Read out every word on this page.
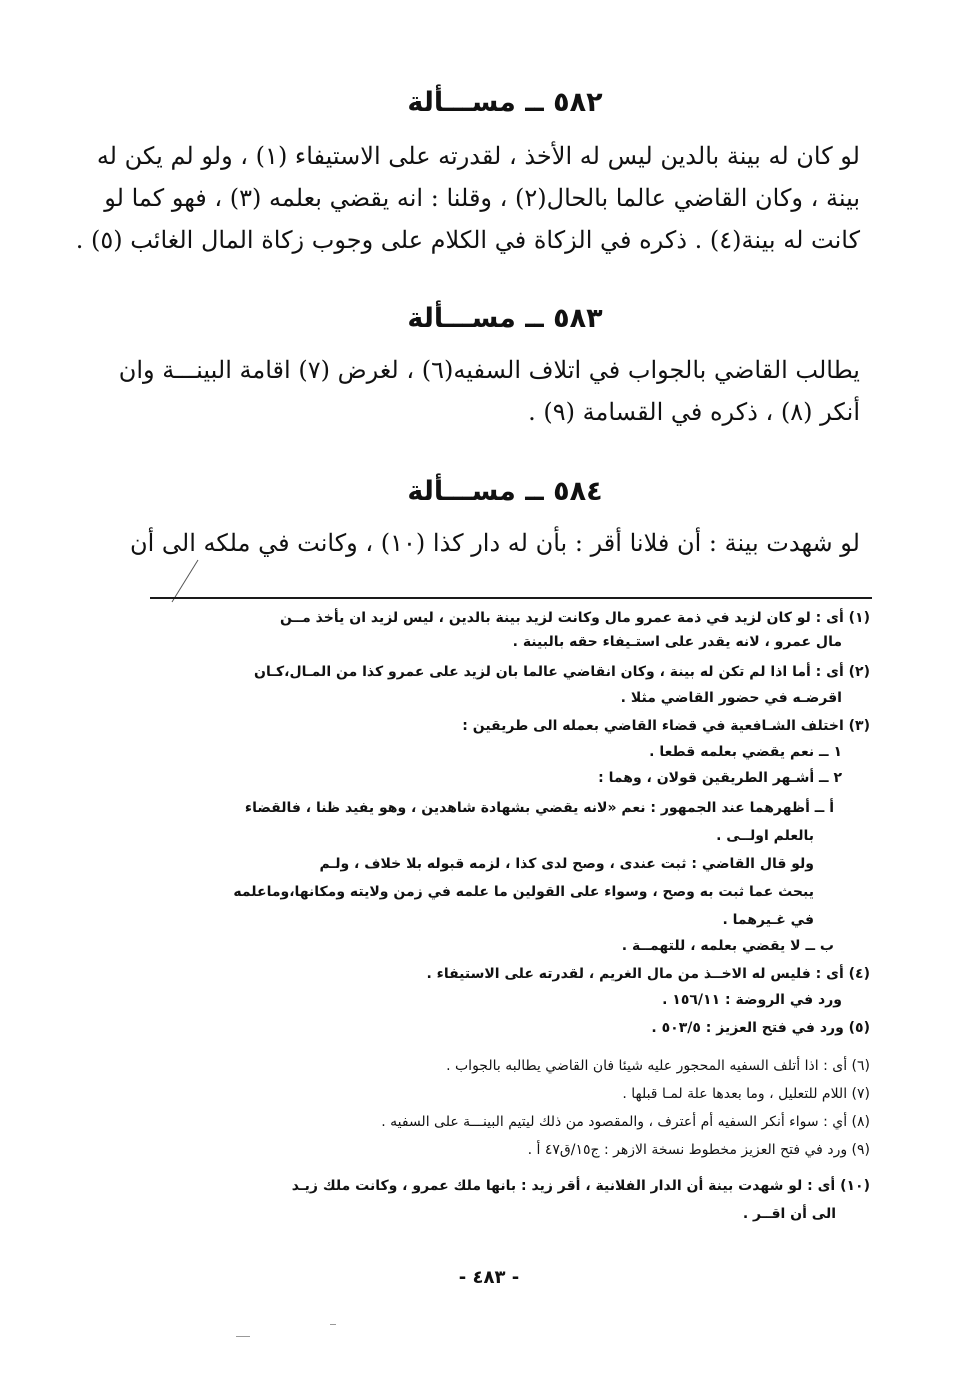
٥٨٢ ــ مســـألة
لو كان له بينة بالدين ليس له الأخذ ، لقدرته على الاستيفاء (١) ، ولو لم يكن له
بينة ، وكان القاضي عالما بالحال(٢) ، وقلنا : انه يقضي بعلمه (٣) ، فهو كما لو
كانت له بينة(٤) . ذكره في الزكاة في الكلام على وجوب زكاة المال الغائب (٥) .
٥٨٣ ــ مســـألة
يطالب القاضي بالجواب في اتلاف السفيه(٦) ، لغرض (٧) اقامة البينـــة وان
أنكر (٨) ، ذكره في القسامة (٩) .
٥٨٤ ــ مســـألة
لو شهدت بينة : أن فلانا أقر : بأن له دار كذا (١٠) ، وكانت في ملكه الى أن
(١) أى : لو كان لزيد في ذمة عمرو مال وكانت لزيد بينة بالدين ، ليس لزيد ان يأخذ مــن
مال عمرو ، لانه يقدر على استـيفاء حقه بالبينة .
(٢) أى : أما اذا لم تكن له بينة ، وكان انقاضي عالما بان لزيد على عمرو كذا من المـال،كـان
اقرضـه في حضور القاضي مثلا .
(٣) اختلف الشـافعية في قضاء القاضي بعمله الى طريقين :
١ ــ نعم يقضي بعلمه قطعا .
٢ ــ أشـهر الطريقين قولان ، وهما :
أ ــ أظهرهما عند الجمهور : نعم «لانه يقضي بشهادة شاهدين ، وهو يفيد ظنا ، فالقضاء
بالعلم اولــى .
ولو قال القاضي : ثبت عندى ، وصح لدى كذا ، لزمه قبوله بلا خلاف ، ولـم
يبحث عما ثبت به وصح ، وسواء على القولين ما علمه في زمن ولايته ومكانها،وماعلمه
في غـيرهما .
ب ــ لا يقضي بعلمه ، للتهمــة .
(٤) أى : فليس له الاخــذ من مال الغريم ، لقدرته على الاستيفاء .
ورد في الروضة : ١٥٦/١١ .
(٥) ورد في فتح العزيز : ٥٠٣/٥ .
(٦) أى : اذا أتلف السفيه المحجور عليه شيئا فان القاضي يطالبه بالجواب .
(٧) اللام للتعليل ، وما بعدها علة لمـا قبلها .
(٨) أي : سواء أنكر السفيه أم أعترف ، والمقصود من ذلك ليتيم البينـــة على السفيه .
(٩) ورد في فتح العزيز مخطوط نسخة الازهر : ج١٥/ق٤٧ أ .
(١٠) أى : لو شهدت بينة أن الدار الفلانية ، أقر زيد : بانها ملك عمرو ، وكانت ملك زيـد
الى أن اقــر .
- ٤٨٣ -
